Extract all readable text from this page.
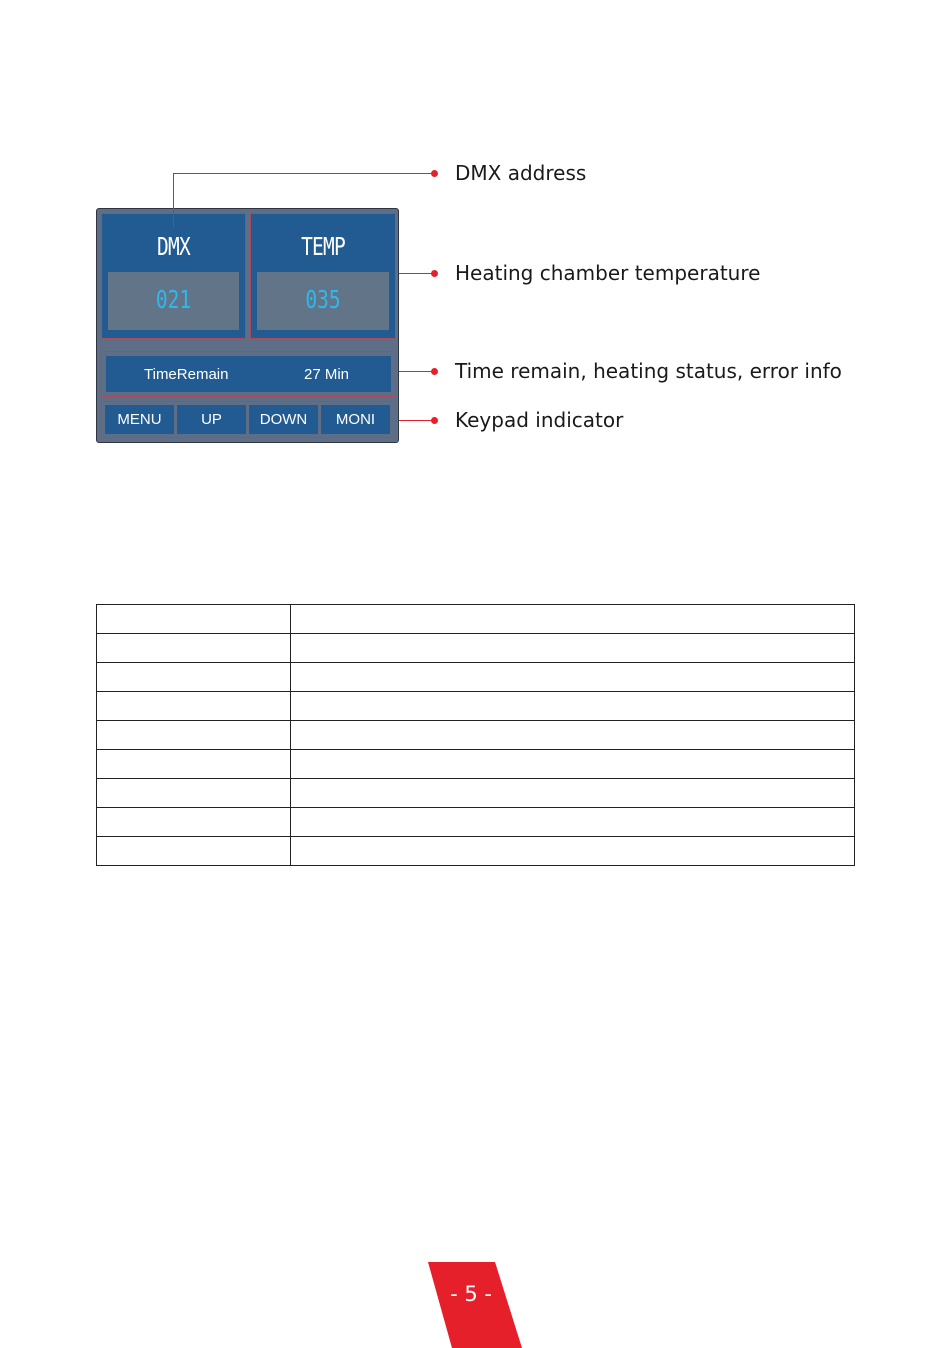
DMX
021
TEMP
035
TimeRemain	27 Min
MENU	UP	DOWN	MONI
DMX address
Heating chamber temperature
Time remain, heating status, error info
Keypad indicator

- 5 -
